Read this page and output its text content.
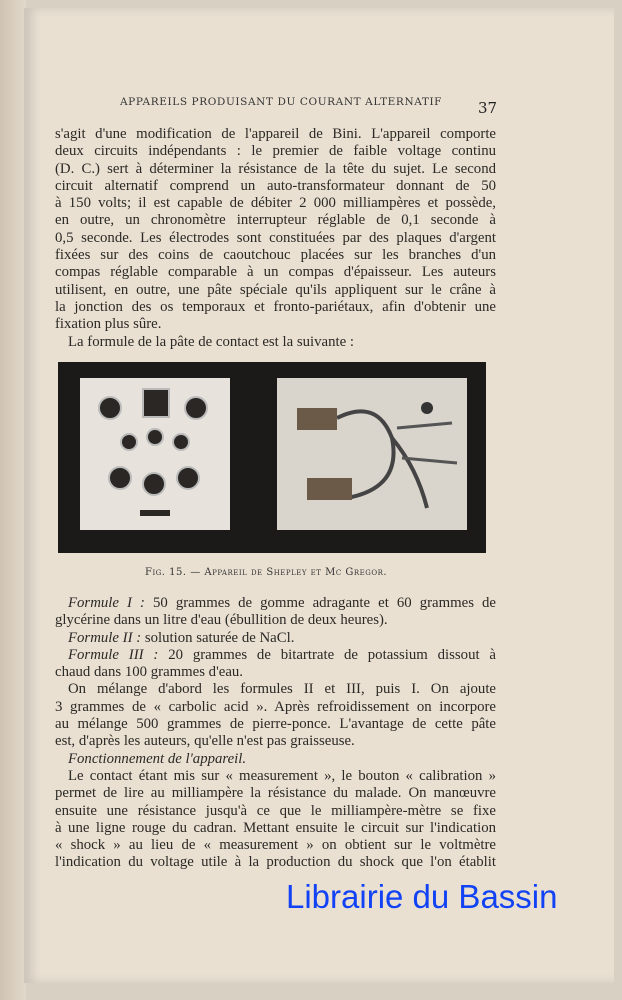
APPAREILS PRODUISANT DU COURANT ALTERNATIF	37
s'agit d'une modification de l'appareil de Bini. L'appareil comporte
deux circuits indépendants : le premier de faible voltage continu
(D. C.) sert à déterminer la résistance de la tête du sujet. Le second
circuit alternatif comprend un auto-transformateur donnant de 50
à 150 volts; il est capable de débiter 2 000 milliampères et possède,
en outre, un chronomètre interrupteur réglable de 0,1 seconde à
0,5 seconde. Les électrodes sont constituées par des plaques d'argent
fixées sur des coins de caoutchouc placées sur les branches d'un
compas réglable comparable à un compas d'épaisseur. Les auteurs
utilisent, en outre, une pâte spéciale qu'ils appliquent sur le crâne à
la jonction des os temporaux et fronto-pariétaux, afin d'obtenir une
fixation plus sûre.
La formule de la pâte de contact est la suivante :
Fig. 15. — Appareil de Shepley et Mc Gregor.
Formule I : 50 grammes de gomme adragante et 60 grammes de
glycérine dans un litre d'eau (ébullition de deux heures).
Formule II : solution saturée de NaCl.
Formule III : 20 grammes de bitartrate de potassium dissout à
chaud dans 100 grammes d'eau.
On mélange d'abord les formules II et III, puis I. On ajoute
3 grammes de « carbolic acid ». Après refroidissement on incorpore
au mélange 500 grammes de pierre-ponce. L'avantage de cette pâte
est, d'après les auteurs, qu'elle n'est pas graisseuse.
Fonctionnement de l'appareil.
Le contact étant mis sur « measurement », le bouton « calibration »
permet de lire au milliampère la résistance du malade. On manœuvre
ensuite une résistance jusqu'à ce que le milliampère-mètre se fixe
à une ligne rouge du cadran. Mettant ensuite le circuit sur l'indication
« shock » au lieu de « measurement » on obtient sur le voltmètre
l'indication du voltage utile à la production du shock que l'on établit
Librairie du Bassin
